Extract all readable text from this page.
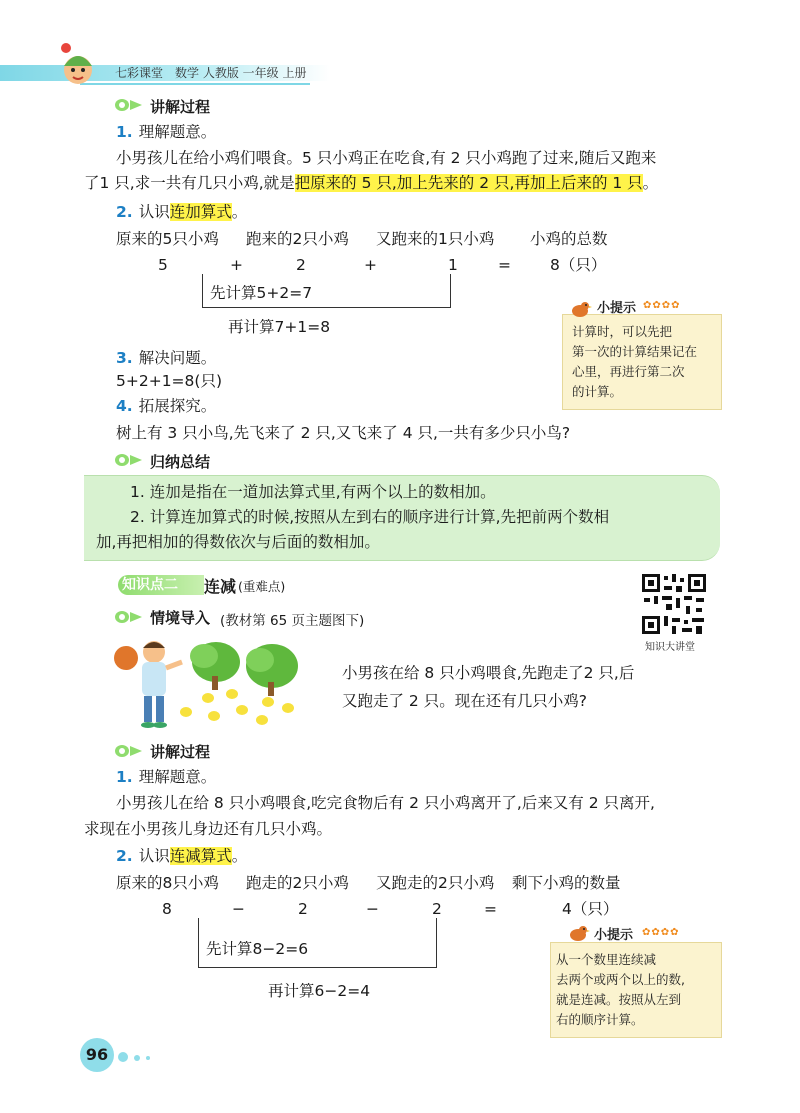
七彩课堂　数学 人教版 一年级 上册
讲解过程
1. 理解题意。
小男孩儿在给小鸡们喂食。5 只小鸡正在吃食,有 2 只小鸡跑了过来,随后又跑来
了1 只,求一共有几只小鸡,就是把原来的 5 只,加上先来的 2 只,再加上后来的 1 只。
2. 认识连加算式。
原来的5只小鸡 跑来的2只小鸡 又跑来的1只小鸡 小鸡的总数
5	+	2	+	1	=	8（只）
先计算5+2=7
再计算7+1=8
小提示 ✿✿✿✿
计算时，可以先把
第一次的计算结果记在
心里，再进行第二次
的计算。
3. 解决问题。
5+2+1=8(只)
4. 拓展探究。
树上有 3 只小鸟,先飞来了 2 只,又飞来了 4 只,一共有多少只小鸟?
归纳总结
1. 连加是指在一道加法算式里,有两个以上的数相加。
2. 计算连加算式的时候,按照从左到右的顺序进行计算,先把前两个数相
加,再把相加的得数依次与后面的数相加。
知识点二	连减 (重难点)
知识大讲堂
情境导入 (教材第 65 页主题图下)
小男孩在给 8 只小鸡喂食,先跑走了2 只,后
又跑走了 2 只。现在还有几只小鸡?
讲解过程
1. 理解题意。
小男孩儿在给 8 只小鸡喂食,吃完食物后有 2 只小鸡离开了,后来又有 2 只离开,
求现在小男孩儿身边还有几只小鸡。
2. 认识连减算式。
原来的8只小鸡 跑走的2只小鸡 又跑走的2只小鸡 剩下小鸡的数量
8	−	2	−	2	=	4（只）
先计算8−2=6
再计算6−2=4
小提示 ✿✿✿✿
从一个数里连续减
去两个或两个以上的数,
就是连减。按照从左到
右的顺序计算。
96
